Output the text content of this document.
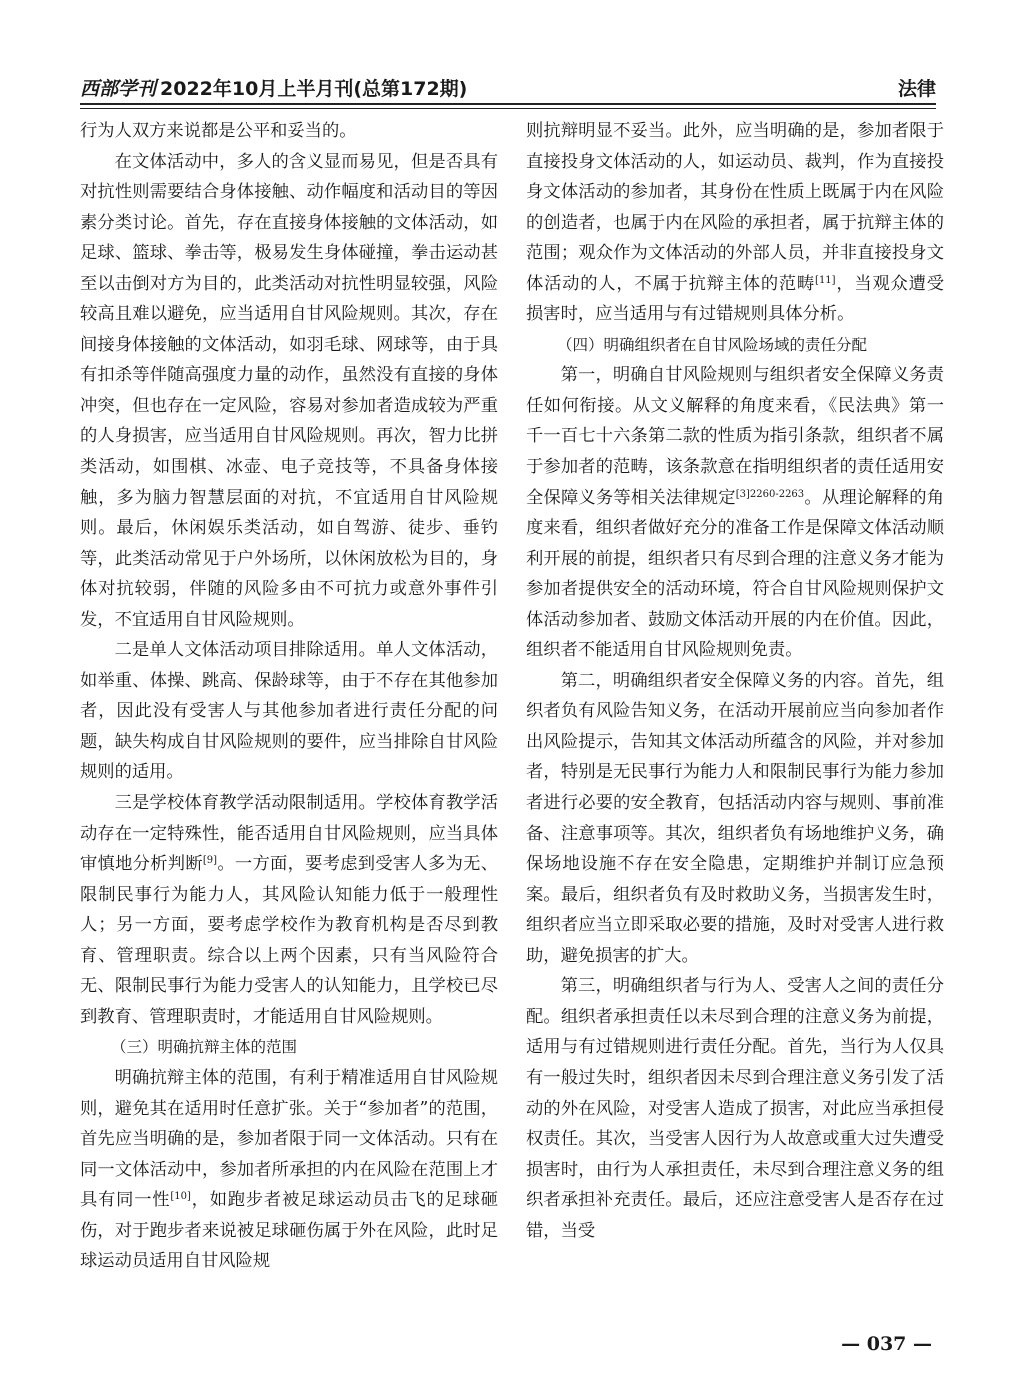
西部学刊 2022年10月上半月刊(总第172期)	法律

行为人双方来说都是公平和妥当的。

在文体活动中，多人的含义显而易见，但是否具有对抗性则需要结合身体接触、动作幅度和活动目的等因素分类讨论。首先，存在直接身体接触的文体活动，如足球、篮球、拳击等，极易发生身体碰撞，拳击运动甚至以击倒对方为目的，此类活动对抗性明显较强，风险较高且难以避免，应当适用自甘风险规则。其次，存在间接身体接触的文体活动，如羽毛球、网球等，由于具有扣杀等伴随高强度力量的动作，虽然没有直接的身体冲突，但也存在一定风险，容易对参加者造成较为严重的人身损害，应当适用自甘风险规则。再次，智力比拼类活动，如围棋、冰壶、电子竞技等，不具备身体接触，多为脑力智慧层面的对抗，不宜适用自甘风险规则。最后，休闲娱乐类活动，如自驾游、徒步、垂钓等，此类活动常见于户外场所，以休闲放松为目的，身体对抗较弱，伴随的风险多由不可抗力或意外事件引发，不宜适用自甘风险规则。

二是单人文体活动项目排除适用。单人文体活动，如举重、体操、跳高、保龄球等，由于不存在其他参加者，因此没有受害人与其他参加者进行责任分配的问题，缺失构成自甘风险规则的要件，应当排除自甘风险规则的适用。

三是学校体育教学活动限制适用。学校体育教学活动存在一定特殊性，能否适用自甘风险规则，应当具体审慎地分析判断[9]。一方面，要考虑到受害人多为无、限制民事行为能力人，其风险认知能力低于一般理性人；另一方面，要考虑学校作为教育机构是否尽到教育、管理职责。综合以上两个因素，只有当风险符合无、限制民事行为能力受害人的认知能力，且学校已尽到教育、管理职责时，才能适用自甘风险规则。

（三）明确抗辩主体的范围

明确抗辩主体的范围，有利于精准适用自甘风险规则，避免其在适用时任意扩张。关于“参加者”的范围，首先应当明确的是，参加者限于同一文体活动。只有在同一文体活动中，参加者所承担的内在风险在范围上才具有同一性[10]，如跑步者被足球运动员击飞的足球砸伤，对于跑步者来说被足球砸伤属于外在风险，此时足球运动员适用自甘风险规

则抗辩明显不妥当。此外，应当明确的是，参加者限于直接投身文体活动的人，如运动员、裁判，作为直接投身文体活动的参加者，其身份在性质上既属于内在风险的创造者，也属于内在风险的承担者，属于抗辩主体的范围；观众作为文体活动的外部人员，并非直接投身文体活动的人，不属于抗辩主体的范畴[11]，当观众遭受损害时，应当适用与有过错规则具体分析。

（四）明确组织者在自甘风险场域的责任分配

第一，明确自甘风险规则与组织者安全保障义务责任如何衔接。从文义解释的角度来看，《民法典》第一千一百七十六条第二款的性质为指引条款，组织者不属于参加者的范畴，该条款意在指明组织者的责任适用安全保障义务等相关法律规定$^{[3]2260-2263}$。从理论解释的角度来看，组织者做好充分的准备工作是保障文体活动顺利开展的前提，组织者只有尽到合理的注意义务才能为参加者提供安全的活动环境，符合自甘风险规则保护文体活动参加者、鼓励文体活动开展的内在价值。因此，组织者不能适用自甘风险规则免责。

第二，明确组织者安全保障义务的内容。首先，组织者负有风险告知义务，在活动开展前应当向参加者作出风险提示，告知其文体活动所蕴含的风险，并对参加者，特别是无民事行为能力人和限制民事行为能力参加者进行必要的安全教育，包括活动内容与规则、事前准备、注意事项等。其次，组织者负有场地维护义务，确保场地设施不存在安全隐患，定期维护并制订应急预案。最后，组织者负有及时救助义务，当损害发生时，组织者应当立即采取必要的措施，及时对受害人进行救助，避免损害的扩大。

第三，明确组织者与行为人、受害人之间的责任分配。组织者承担责任以未尽到合理的注意义务为前提，适用与有过错规则进行责任分配。首先，当行为人仅具有一般过失时，组织者因未尽到合理注意义务引发了活动的外在风险，对受害人造成了损害，对此应当承担侵权责任。其次，当受害人因行为人故意或重大过失遭受损害时，由行为人承担责任，未尽到合理注意义务的组织者承担补充责任。最后，还应注意受害人是否存在过错，当受

— 037 —
